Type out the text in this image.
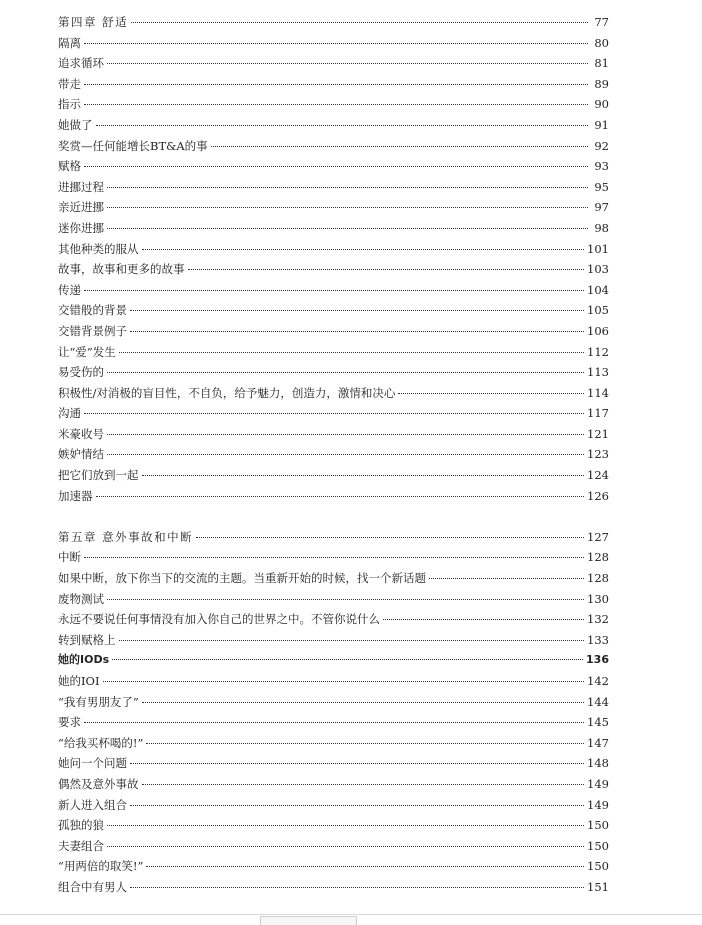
第四章 舒适	77
隔离	80
追求循环	81
带走	89
指示	90
她做了	91
奖赏—任何能增长BT&A的事	92
赋格	93
进挪过程	95
亲近进挪	97
迷你进挪	98
其他种类的服从	101
故事，故事和更多的故事	103
传递	104
交错般的背景	105
交错背景例子	106
让“爱”发生	112
易受伤的	113
积极性/对消极的盲目性，不自负，给予魅力，创造力，激情和决心	114
沟通	117
米豪收号	121
嫉妒情结	123
把它们放到一起	124
加速器	126
第五章 意外事故和中断	127
中断	128
如果中断，放下你当下的交流的主题。当重新开始的时候，找一个新话题	128
废物测试	130
永远不要说任何事情没有加入你自己的世界之中。不管你说什么	132
转到赋格上	133
她的IODs	136
她的IOI	142
“我有男朋友了”	144
要求	145
“给我买杯喝的!”	147
她问一个问题	148
偶然及意外事故	149
新人进入组合	149
孤独的狼	150
夫妻组合	150
“用两倍的取笑!”	150
组合中有男人	151
